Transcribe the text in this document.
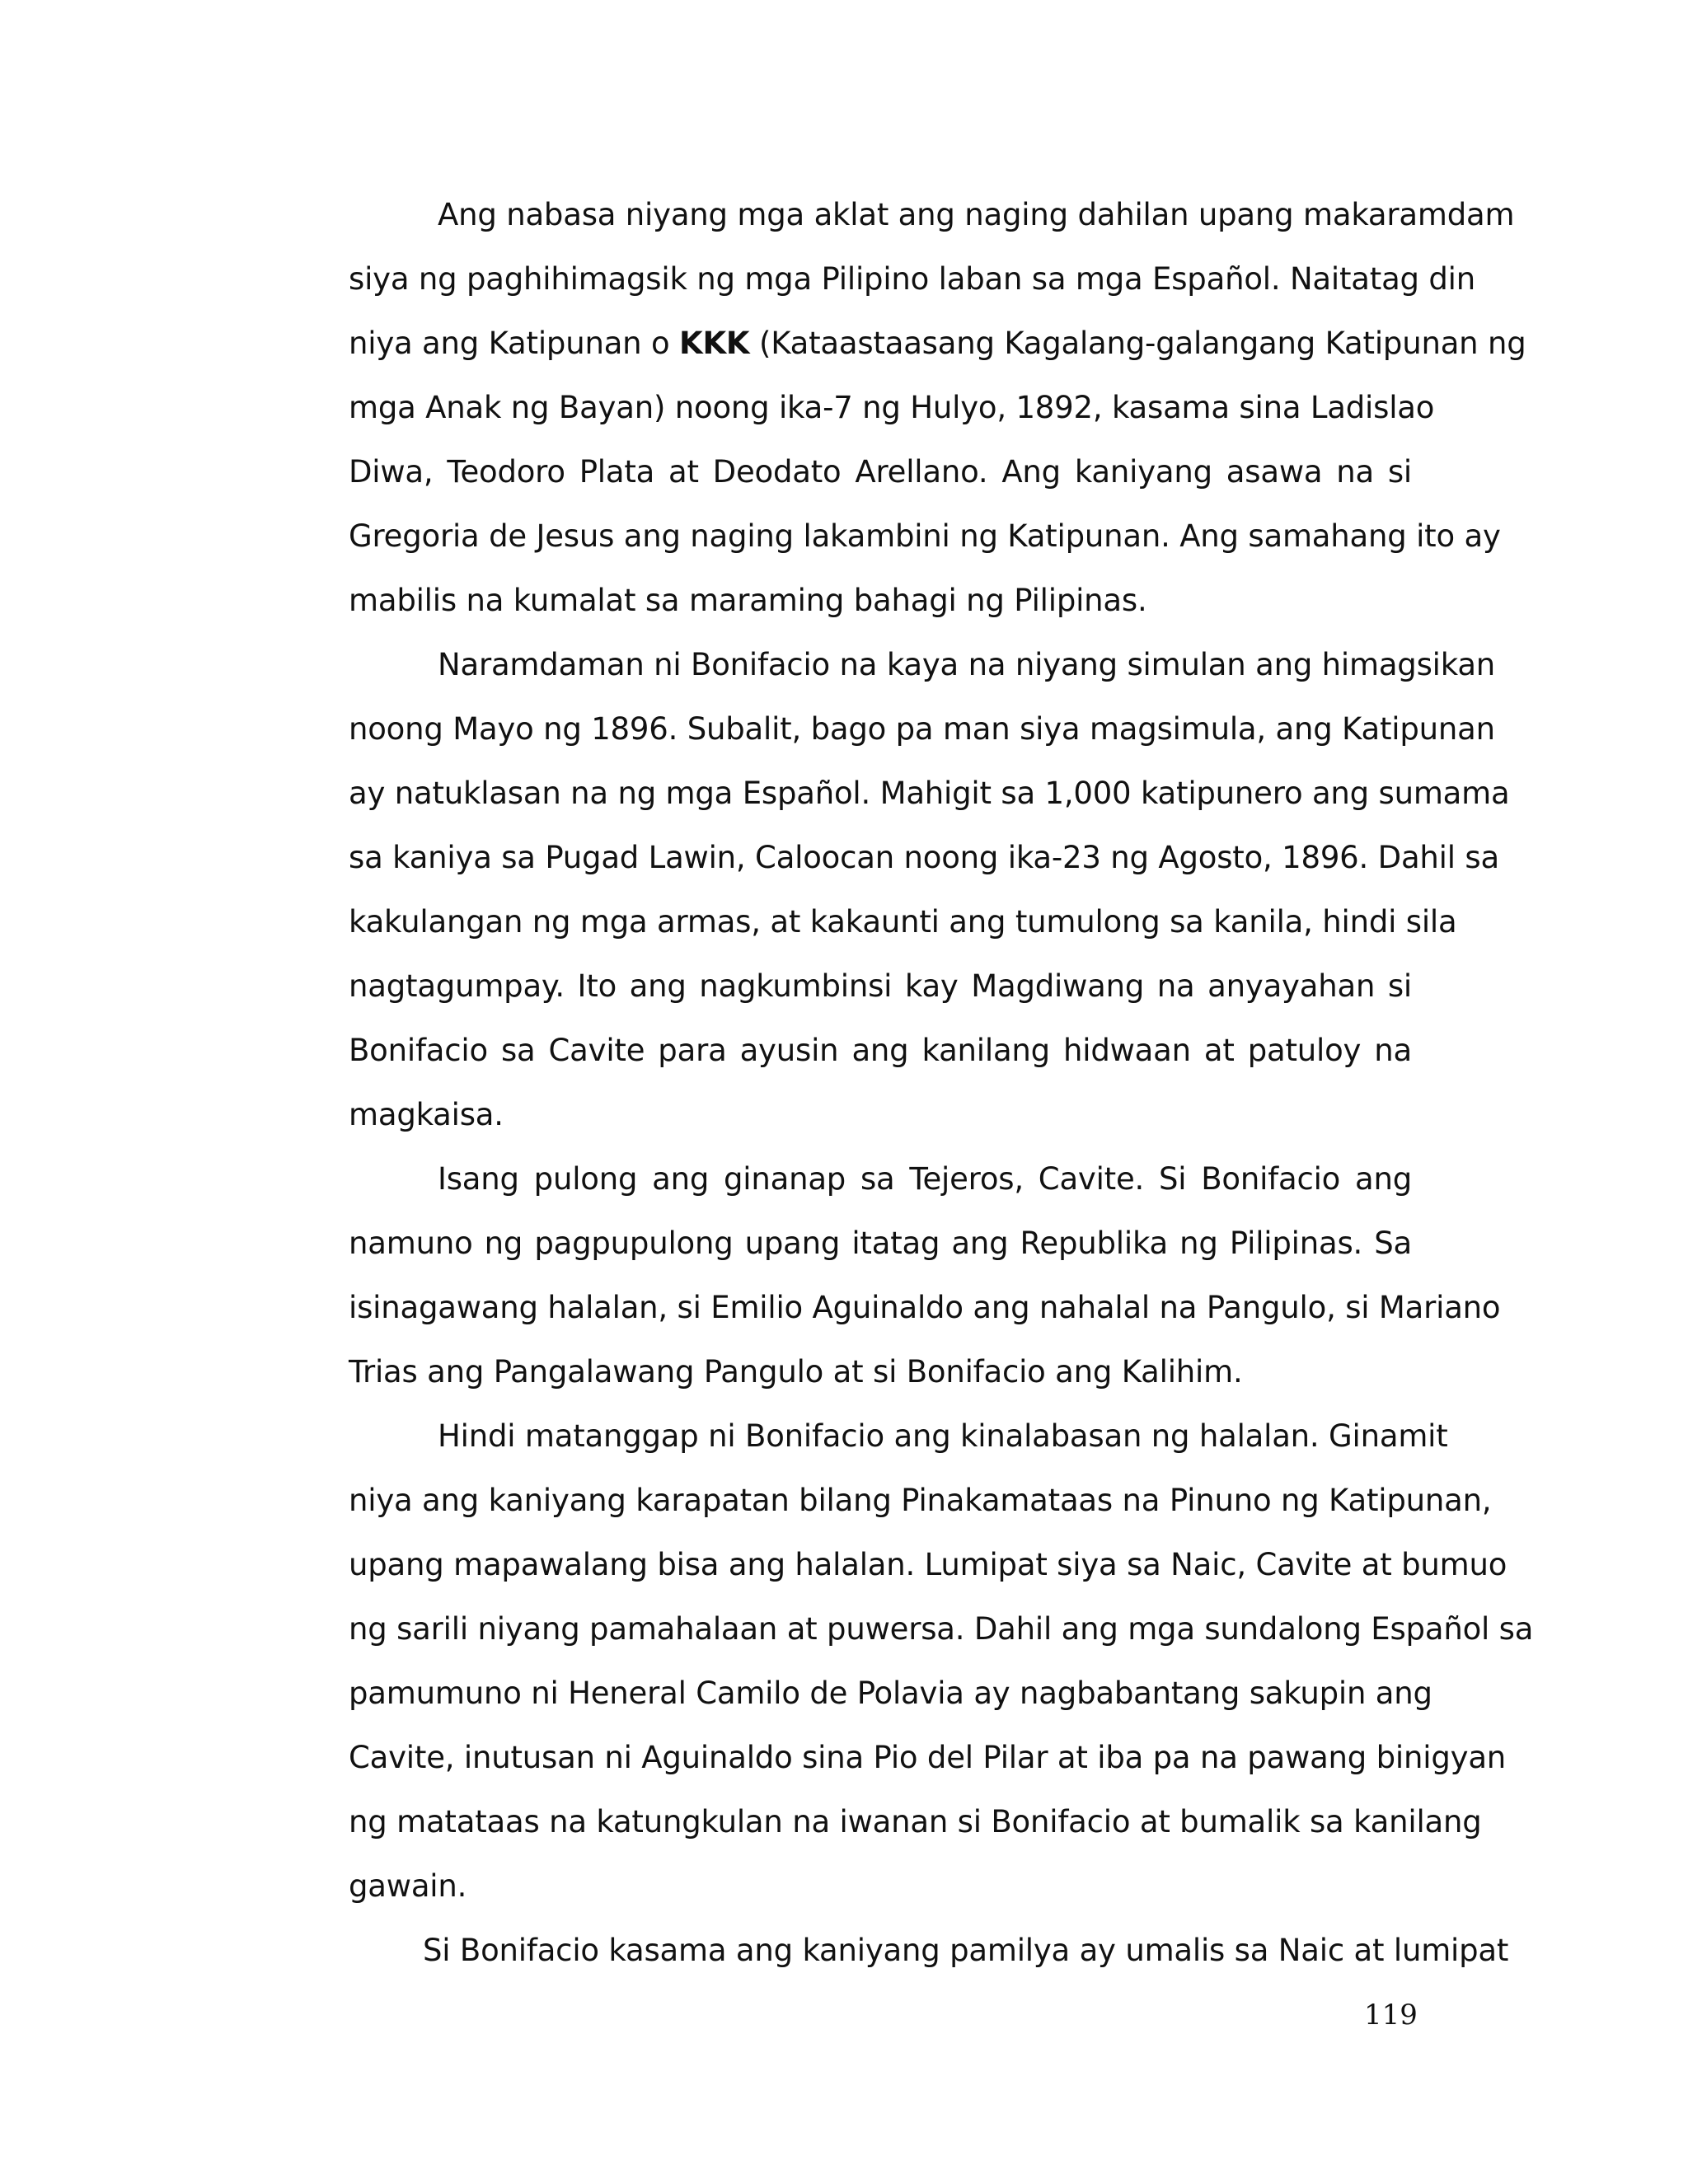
Ang nabasa niyang mga aklat ang naging dahilan upang makaramdam
siya ng paghihimagsik ng mga Pilipino laban sa mga Español. Naitatag din
niya ang Katipunan o KKK (Kataastaasang Kagalang-galangang Katipunan ng
mga Anak ng Bayan) noong ika-7 ng Hulyo, 1892, kasama sina Ladislao
Diwa, Teodoro Plata at Deodato Arellano. Ang kaniyang asawa na si
Gregoria de Jesus ang naging lakambini ng Katipunan. Ang samahang ito ay
mabilis na kumalat sa maraming bahagi ng Pilipinas.
Naramdaman ni Bonifacio na kaya na niyang simulan ang himagsikan
noong Mayo ng 1896. Subalit, bago pa man siya magsimula, ang Katipunan
ay natuklasan na ng mga Español. Mahigit sa 1,000 katipunero ang sumama
sa kaniya sa Pugad Lawin, Caloocan noong ika-23 ng Agosto, 1896. Dahil sa
kakulangan ng mga armas, at kakaunti ang tumulong sa kanila, hindi sila
nagtagumpay. Ito ang nagkumbinsi kay Magdiwang na anyayahan si
Bonifacio sa Cavite para ayusin ang kanilang hidwaan at patuloy na
magkaisa.
Isang pulong ang ginanap sa Tejeros, Cavite. Si Bonifacio ang
namuno ng pagpupulong upang itatag ang Republika ng Pilipinas. Sa
isinagawang halalan, si Emilio Aguinaldo ang nahalal na Pangulo, si Mariano
Trias ang Pangalawang Pangulo at si Bonifacio ang Kalihim.
Hindi matanggap ni Bonifacio ang kinalabasan ng halalan. Ginamit
niya ang kaniyang karapatan bilang Pinakamataas na Pinuno ng Katipunan,
upang mapawalang bisa ang halalan. Lumipat siya sa Naic, Cavite at bumuo
ng sarili niyang pamahalaan at puwersa. Dahil ang mga sundalong Español sa
pamumuno ni Heneral Camilo de Polavia ay nagbabantang sakupin ang
Cavite, inutusan ni Aguinaldo sina Pio del Pilar at iba pa na pawang binigyan
ng matataas na katungkulan na iwanan si Bonifacio at bumalik sa kanilang
gawain.
Si Bonifacio kasama ang kaniyang pamilya ay umalis sa Naic at lumipat
119
